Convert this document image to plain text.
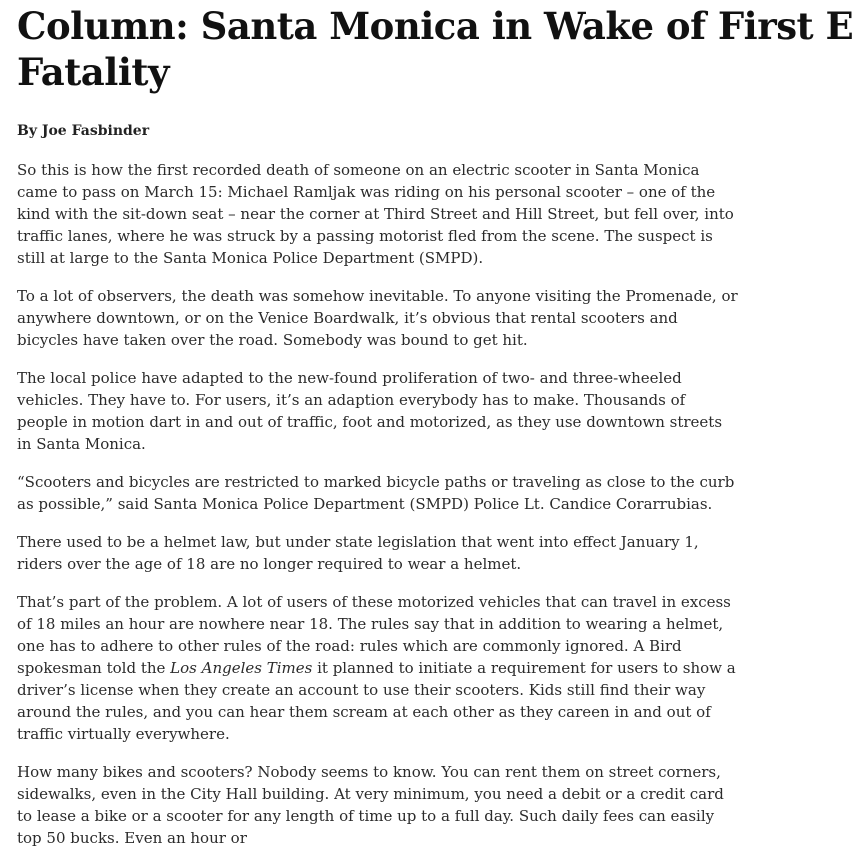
Column: Santa Monica in Wake of First E
Fatality
By Joe Fasbinder

So this is how the first recorded death of someone on an electric scooter in Santa Monica came to pass on March 15: Michael Ramljak was riding on his personal scooter – one of the kind with the sit-down seat – near the corner at Third Street and Hill Street, but fell over, into traffic lanes, where he was struck by a passing motorist fled from the scene. The suspect is still at large to the Santa Monica Police Department (SMPD).

To a lot of observers, the death was somehow inevitable. To anyone visiting the Promenade, or anywhere downtown, or on the Venice Boardwalk, it’s obvious that rental scooters and bicycles have taken over the road. Somebody was bound to get hit.

The local police have adapted to the new-found proliferation of two- and three-wheeled vehicles. They have to. For users, it’s an adaption everybody has to make. Thousands of people in motion dart in and out of traffic, foot and motorized, as they use downtown streets in Santa Monica.

“Scooters and bicycles are restricted to marked bicycle paths or traveling as close to the curb as possible,” said Santa Monica Police Department (SMPD) Police Lt. Candice Corarrubias.

There used to be a helmet law, but under state legislation that went into effect January 1, riders over the age of 18 are no longer required to wear a helmet.

That’s part of the problem. A lot of users of these motorized vehicles that can travel in excess of 18 miles an hour are nowhere near 18. The rules say that in addition to wearing a helmet, one has to adhere to other rules of the road: rules which are commonly ignored. A Bird spokesman told the Los Angeles Times it planned to initiate a requirement for users to show a driver’s license when they create an account to use their scooters. Kids still find their way around the rules, and you can hear them scream at each other as they careen in and out of traffic virtually everywhere.

How many bikes and scooters? Nobody seems to know. You can rent them on street corners, sidewalks, even in the City Hall building. At very minimum, you need a debit or a credit card to lease a bike or a scooter for any length of time up to a full day. Such daily fees can easily top 50 bucks. Even an hour or
